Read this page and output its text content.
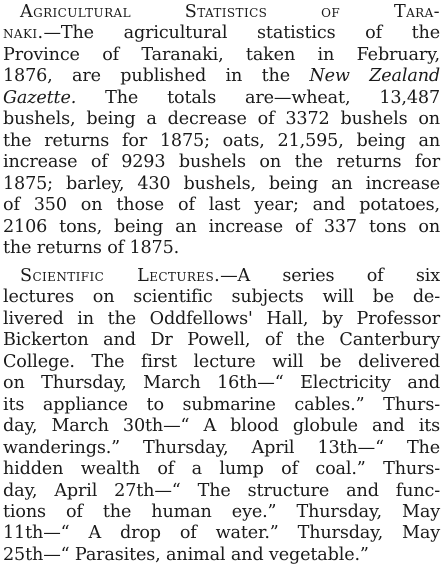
Agricultural Statistics of Tara-
naki.—The agricultural statistics of the
Province of Taranaki, taken in February,
1876, are published in the New Zealand
Gazette. The totals are—wheat, 13,487
bushels, being a decrease of 3372 bushels on
the returns for 1875; oats, 21,595, being an
increase of 9293 bushels on the returns for
1875; barley, 430 bushels, being an increase
of 350 on those of last year; and potatoes,
2106 tons, being an increase of 337 tons on
the returns of 1875.
Scientific Lectures.—A series of six
lectures on scientific subjects will be de-
livered in the Oddfellows' Hall, by Professor
Bickerton and Dr Powell, of the Canterbury
College. The first lecture will be delivered
on Thursday, March 16th—“ Electricity and
its appliance to submarine cables.” Thurs-
day, March 30th—“ A blood globule and its
wanderings.” Thursday, April 13th—“ The
hidden wealth of a lump of coal.” Thurs-
day, April 27th—“ The structure and func-
tions of the human eye.” Thursday, May
11th—“ A drop of water.” Thursday, May
25th—“ Parasites, animal and vegetable.”
